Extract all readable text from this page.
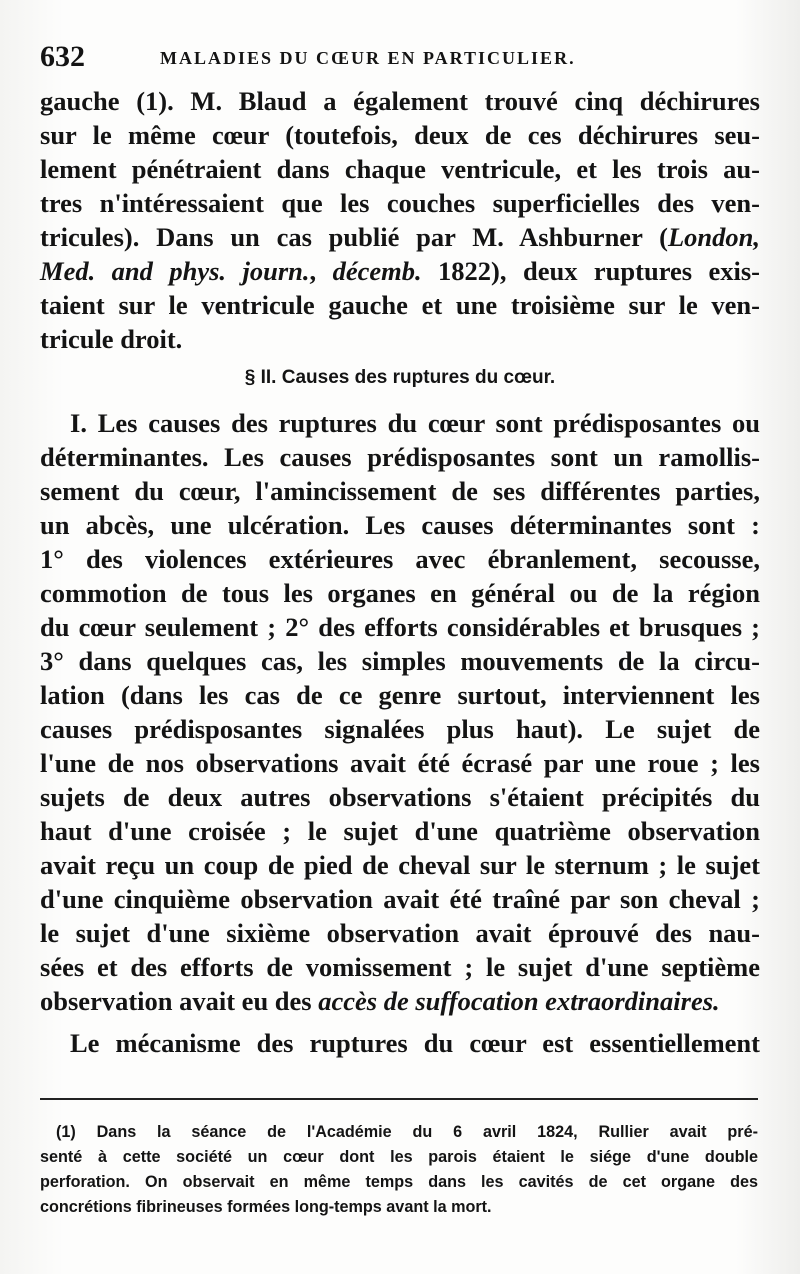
632	MALADIES DU CŒUR EN PARTICULIER.
gauche (1). M. Blaud a également trouvé cinq déchirures
sur le même cœur (toutefois, deux de ces déchirures seu-
lement pénétraient dans chaque ventricule, et les trois au-
tres n'intéressaient que les couches superficielles des ven-
tricules). Dans un cas publié par M. Ashburner (London,
Med. and phys. journ., décemb. 1822), deux ruptures exis-
taient sur le ventricule gauche et une troisième sur le ven-
tricule droit.
§ II. Causes des ruptures du cœur.
I. Les causes des ruptures du cœur sont prédisposantes ou
déterminantes. Les causes prédisposantes sont un ramollis-
sement du cœur, l'amincissement de ses différentes parties,
un abcès, une ulcération. Les causes déterminantes sont :
1° des violences extérieures avec ébranlement, secousse,
commotion de tous les organes en général ou de la région
du cœur seulement ; 2° des efforts considérables et brusques ;
3° dans quelques cas, les simples mouvements de la circu-
lation (dans les cas de ce genre surtout, interviennent les
causes prédisposantes signalées plus haut). Le sujet de
l'une de nos observations avait été écrasé par une roue ; les
sujets de deux autres observations s'étaient précipités du
haut d'une croisée ; le sujet d'une quatrième observation
avait reçu un coup de pied de cheval sur le sternum ; le sujet
d'une cinquième observation avait été traîné par son cheval ;
le sujet d'une sixième observation avait éprouvé des nau-
sées et des efforts de vomissement ; le sujet d'une septième
observation avait eu des accès de suffocation extraordinaires.
Le mécanisme des ruptures du cœur est essentiellement
(1) Dans la séance de l'Académie du 6 avril 1824, Rullier avait pré-
senté à cette société un cœur dont les parois étaient le siége d'une double
perforation. On observait en même temps dans les cavités de cet organe des
concrétions fibrineuses formées long-temps avant la mort.
